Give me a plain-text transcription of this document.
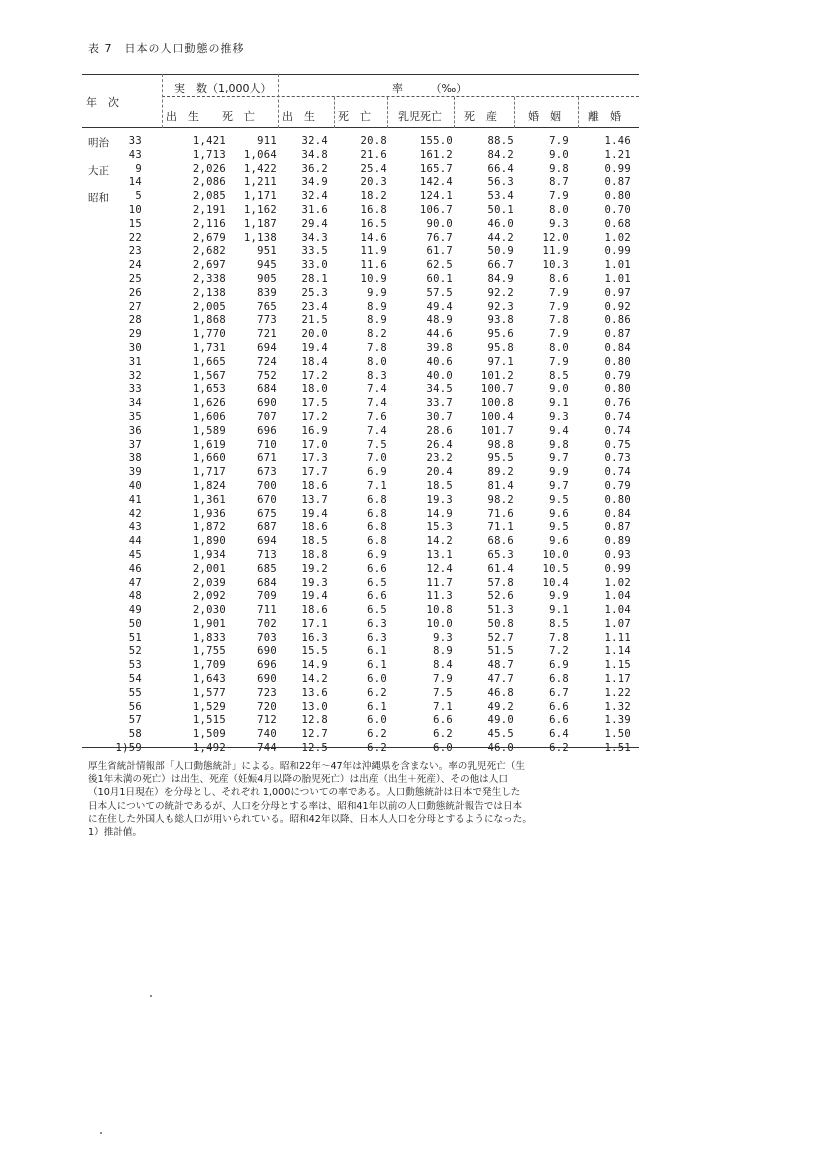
表 7　日本の人口動態の推移
年　次
実　数（1,000人）	率　　　（‰）
出　生 死　亡 出　生 死　亡 乳児死亡 死　産	婚　姻 離　婚
明治 33	1,421	911 32.4	20.8	155.0	88.5	7.9	1.46
43	1,713 1,064 34.8	21.6	161.2	84.2	9.0	1.21
大正	9	2,026 1,422 36.2	25.4	165.7	66.4	9.8	0.99
14	2,086 1,211 34.9	20.3	142.4	56.3	8.7	0.87
昭和	5	2,085 1,171 32.4	18.2	124.1	53.4	7.9	0.80
10	2,191 1,162 31.6	16.8	106.7	50.1	8.0	0.70
15	2,116 1,187 29.4	16.5	90.0	46.0	9.3	0.68
22	2,679 1,138 34.3	14.6	76.7	44.2	12.0	1.02
23	2,682	951 33.5	11.9	61.7	50.9	11.9	0.99
24	2,697	945 33.0	11.6	62.5	66.7	10.3	1.01
25	2,338	905 28.1	10.9	60.1	84.9	8.6	1.01
26	2,138	839 25.3	9.9	57.5	92.2	7.9	0.97
27	2,005	765 23.4	8.9	49.4	92.3	7.9	0.92
28	1,868	773 21.5	8.9	48.9	93.8	7.8	0.86
29	1,770	721 20.0	8.2	44.6	95.6	7.9	0.87
30	1,731	694 19.4	7.8	39.8	95.8	8.0	0.84
31	1,665	724 18.4	8.0	40.6	97.1	7.9	0.80
32	1,567	752 17.2	8.3	40.0	101.2	8.5	0.79
33	1,653	684 18.0	7.4	34.5	100.7	9.0	0.80
34	1,626	690 17.5	7.4	33.7	100.8	9.1	0.76
35	1,606	707 17.2	7.6	30.7	100.4	9.3	0.74
36	1,589	696 16.9	7.4	28.6	101.7	9.4	0.74
37	1,619	710 17.0	7.5	26.4	98.8	9.8	0.75
38	1,660	671 17.3	7.0	23.2	95.5	9.7	0.73
39	1,717	673 17.7	6.9	20.4	89.2	9.9	0.74
40	1,824	700 18.6	7.1	18.5	81.4	9.7	0.79
41	1,361	670 13.7	6.8	19.3	98.2	9.5	0.80
42	1,936	675 19.4	6.8	14.9	71.6	9.6	0.84
43	1,872	687 18.6	6.8	15.3	71.1	9.5	0.87
44	1,890	694 18.5	6.8	14.2	68.6	9.6	0.89
45	1,934	713 18.8	6.9	13.1	65.3	10.0	0.93
46	2,001	685 19.2	6.6	12.4	61.4	10.5	0.99
47	2,039	684 19.3	6.5	11.7	57.8	10.4	1.02
48	2,092	709 19.4	6.6	11.3	52.6	9.9	1.04
49	2,030	711 18.6	6.5	10.8	51.3	9.1	1.04
50	1,901	702 17.1	6.3	10.0	50.8	8.5	1.07
51	1,833	703 16.3	6.3	9.3	52.7	7.8	1.11
52	1,755	690 15.5	6.1	8.9	51.5	7.2	1.14
53	1,709	696 14.9	6.1	8.4	48.7	6.9	1.15
54	1,643	690 14.2	6.0	7.9	47.7	6.8	1.17
55	1,577	723 13.6	6.2	7.5	46.8	6.7	1.22
56	1,529	720 13.0	6.1	7.1	49.2	6.6	1.32
57	1,515	712 12.8	6.0	6.6	49.0	6.6	1.39
58	1,509	740 12.7	6.2	6.2	45.5	6.4	1.50
1)59	1,492	744 12.5	6.2	6.0	46.0	6.2	1.51

厚生省統計情報部「人口動態統計」による。昭和22年～47年は沖縄県を含まない。率の乳児死亡（生

後1年未満の死亡）は出生、死産（妊娠4月以降の胎児死亡）は出産（出生＋死産）、その他は人口

（10月1日現在）を分母とし、それぞれ 1,000についての率である。人口動態統計は日本で発生した

日本人についての統計であるが、人口を分母とする率は、昭和41年以前の人口動態統計報告では日本

に在住した外国人も総人口が用いられている。昭和42年以降、日本人人口を分母とするようになった。

1）推計値。
